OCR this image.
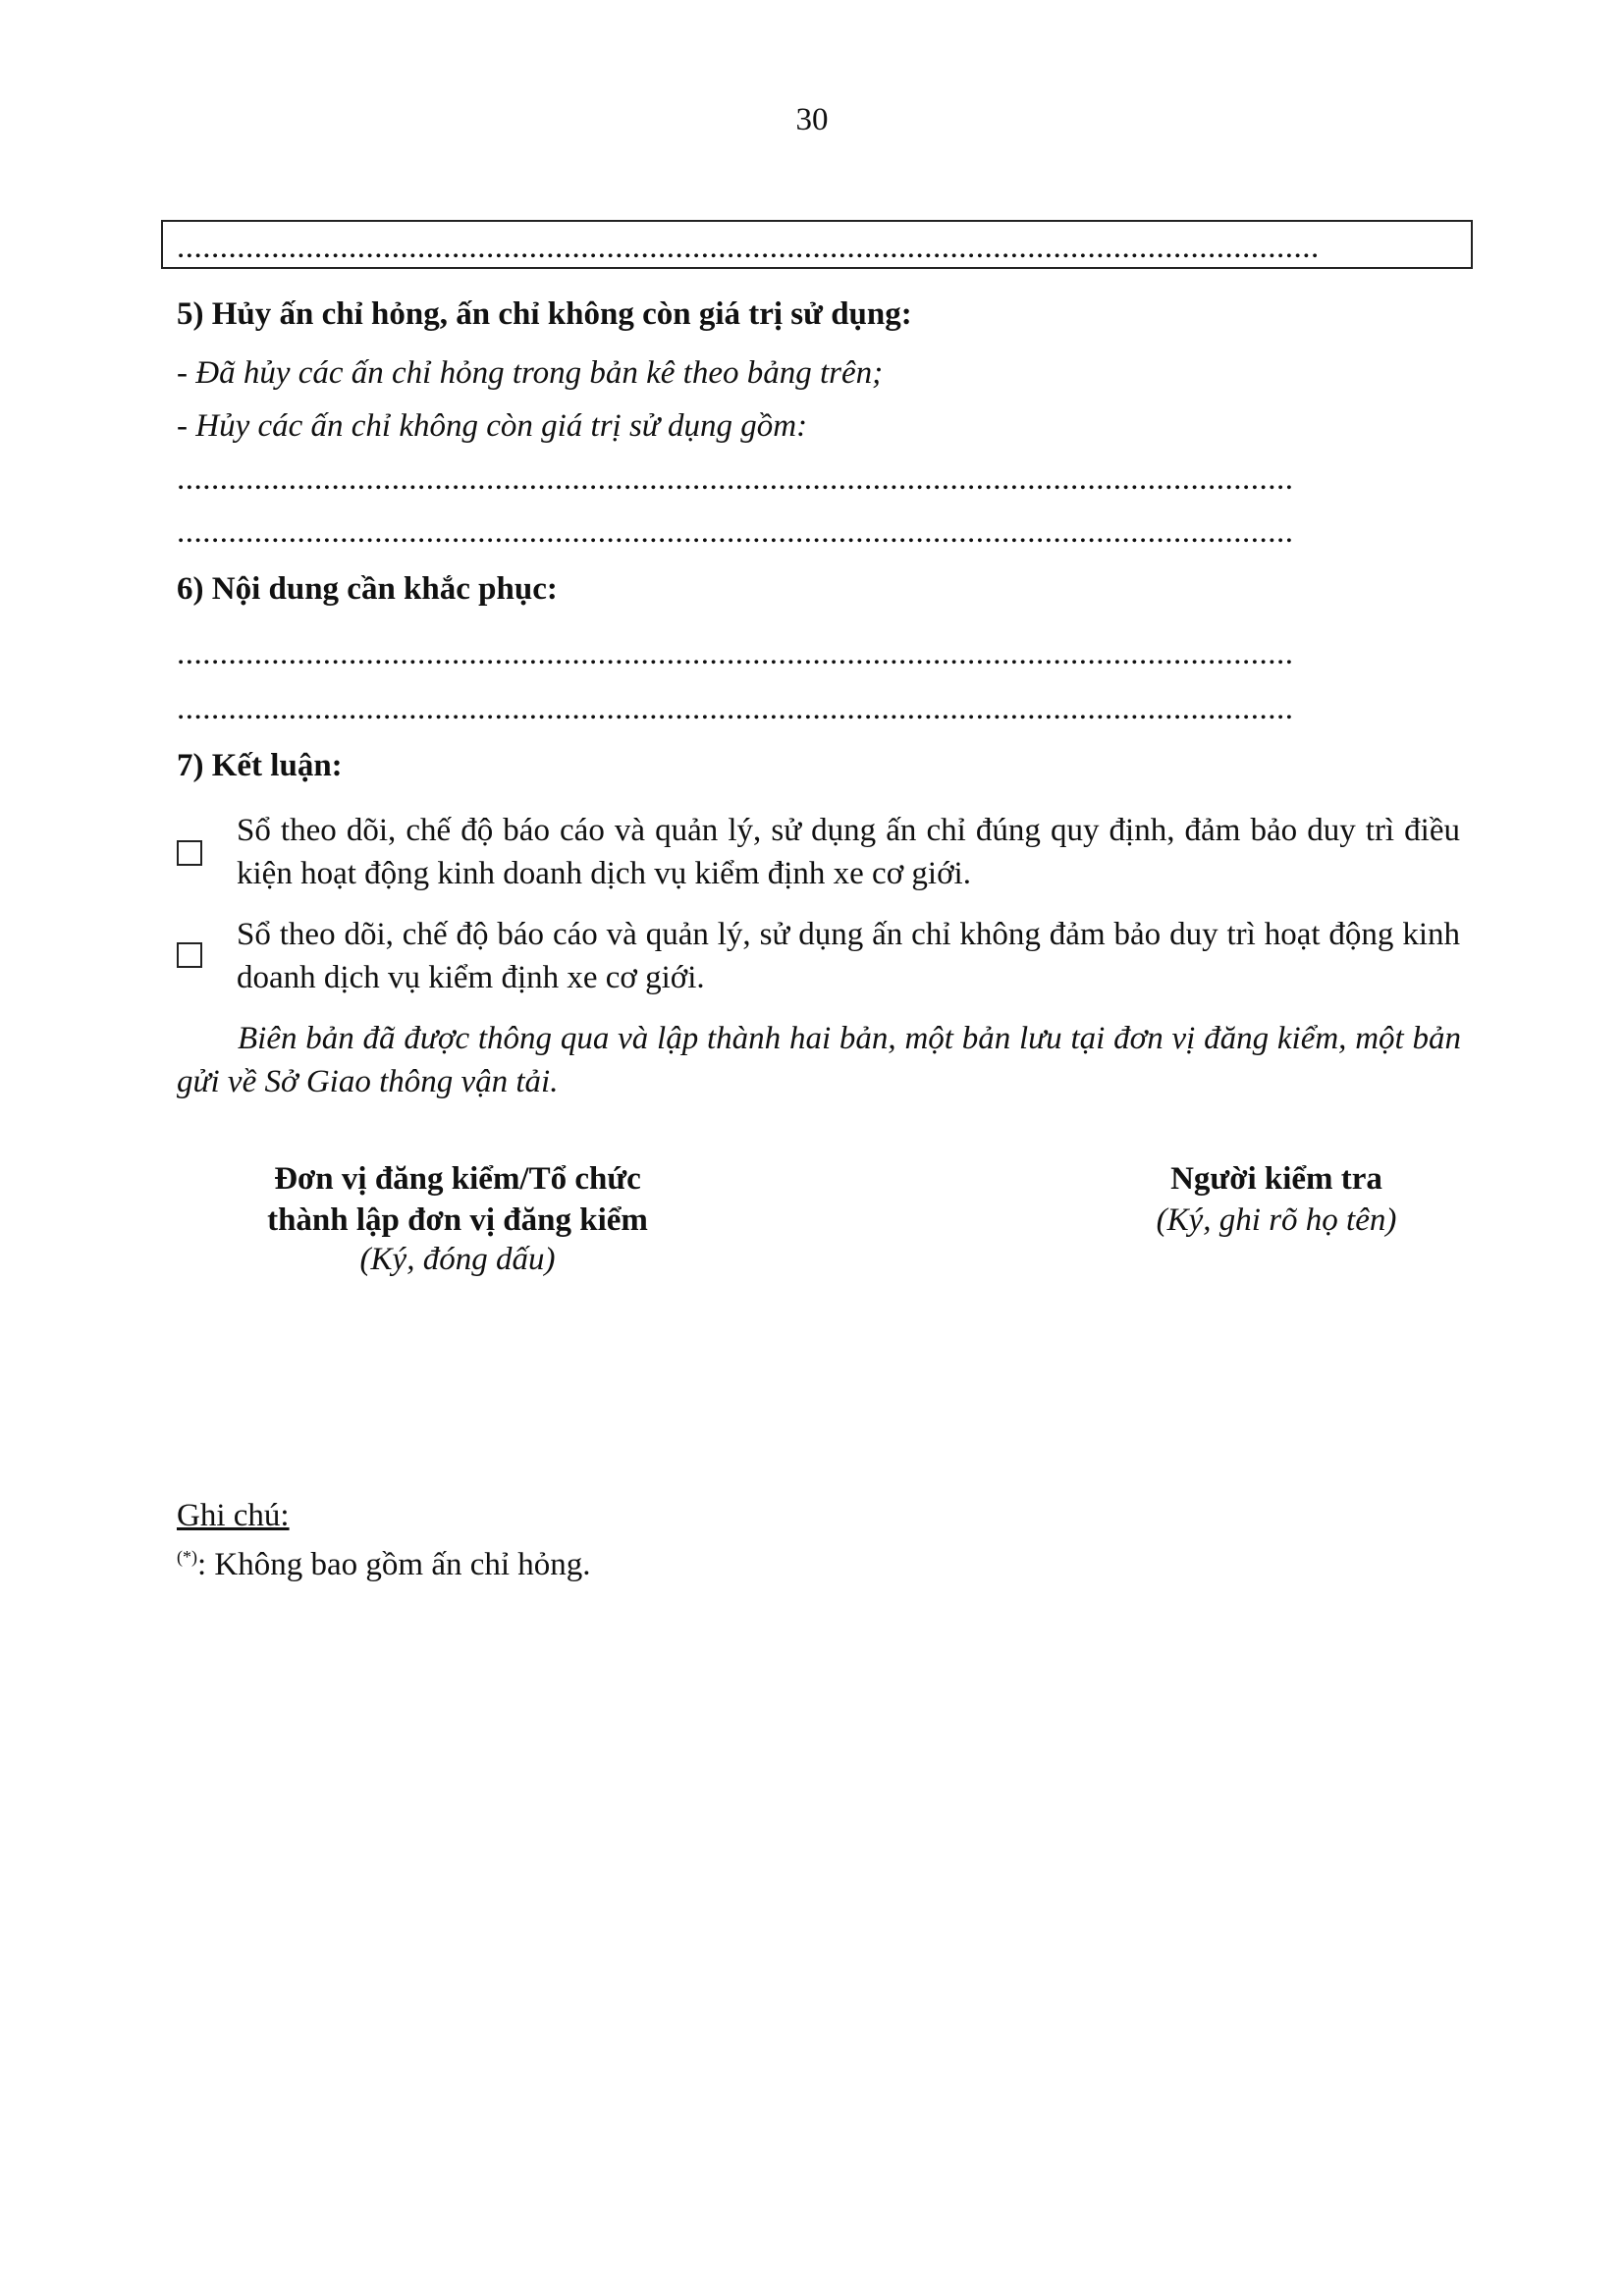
30
.....................................................................................................................................
5) Hủy ấn chỉ hỏng, ấn chỉ không còn giá trị sử dụng:
- Đã hủy các ấn chỉ hỏng trong bản kê theo bảng trên;
- Hủy các ấn chỉ không còn giá trị sử dụng gồm:
..................................................................................................................................
..................................................................................................................................
6) Nội dung cần khắc phục:
..................................................................................................................................
..................................................................................................................................
7) Kết luận:
Sổ theo dõi, chế độ báo cáo và quản lý, sử dụng ấn chỉ đúng quy định, đảm bảo duy trì điều kiện hoạt động kinh doanh dịch vụ kiểm định xe cơ giới.
Sổ theo dõi, chế độ báo cáo và quản lý, sử dụng ấn chỉ không đảm bảo duy trì hoạt động kinh doanh dịch vụ kiểm định xe cơ giới.
Biên bản đã được thông qua và lập thành hai bản, một bản lưu tại đơn vị đăng kiểm, một bản gửi về Sở Giao thông vận tải.
Đơn vị đăng kiểm/Tổ chức
thành lập đơn vị đăng kiểm
(Ký, đóng dấu)
Người kiểm tra
(Ký, ghi rõ họ tên)
Ghi chú:
(*): Không bao gồm ấn chỉ hỏng.
